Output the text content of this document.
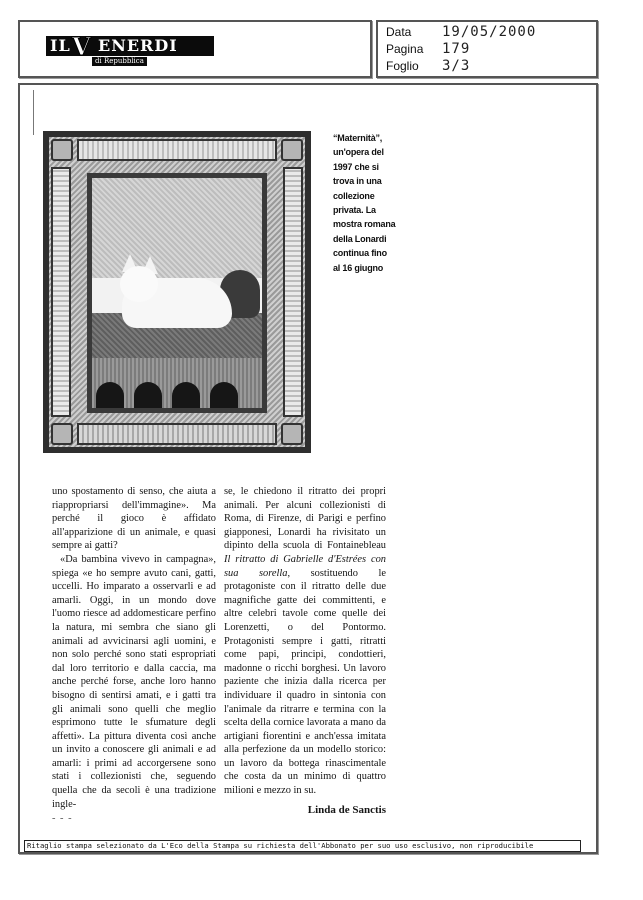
IL V ENERDI
di Repubblica
Data 19/05/2000
Pagina 179
Foglio 3/3
“Maternità”,
un'opera del
1997 che si
trova in una
collezione
privata. La
mostra romana
della Lonardi
continua fino
al 16 giugno

uno spostamento di senso, che aiuta a riappropriarsi dell'immagine». Ma perché il gioco è affidato all'apparizione di un animale, e quasi sempre ai gatti?

«Da bambina vivevo in campagna», spiega «e ho sempre avuto cani, gatti, uccelli. Ho imparato a osservarli e ad amarli. Oggi, in un mondo dove l'uomo riesce ad addomesticare perfino la natura, mi sembra che siano gli animali ad avvicinarsi agli uomini, e non solo perché sono stati espropriati dal loro territorio e dalla caccia, ma anche perché forse, anche loro hanno bisogno di sentirsi amati, e i gatti tra gli animali sono quelli che meglio esprimono tutte le sfumature degli affetti». La pittura diventa così anche un invito a conoscere gli animali e ad amarli: i primi ad accorgersene sono stati i collezionisti che, seguendo quella che da secoli è una tradizione ingle-

- - -

se, le chiedono il ritratto dei propri animali. Per alcuni collezionisti di Roma, di Firenze, di Parigi e perfino giapponesi, Lonardi ha rivisitato un dipinto della scuola di Fontainebleau Il ritratto di Gabrielle d'Estrées con sua sorella, sostituendo le protagoniste con il ritratto delle due magnifiche gatte dei committenti, e altre celebri tavole come quelle dei Lorenzetti, o del Pontormo. Protagonisti sempre i gatti, ritratti come papi, principi, condottieri, madonne o ricchi borghesi. Un lavoro paziente che inizia dalla ricerca per individuare il quadro in sintonia con l'animale da ritrarre e termina con la scelta della cornice lavorata a mano da artigiani fiorentini e anch'essa imitata alla perfezione da un modello storico: un lavoro da bottega rinascimentale che costa da un minimo di quattro milioni e mezzo in su.

Linda de Sanctis
Ritaglio stampa selezionato da L'Eco della Stampa su richiesta dell'Abbonato per suo uso esclusivo, non riproducibile
